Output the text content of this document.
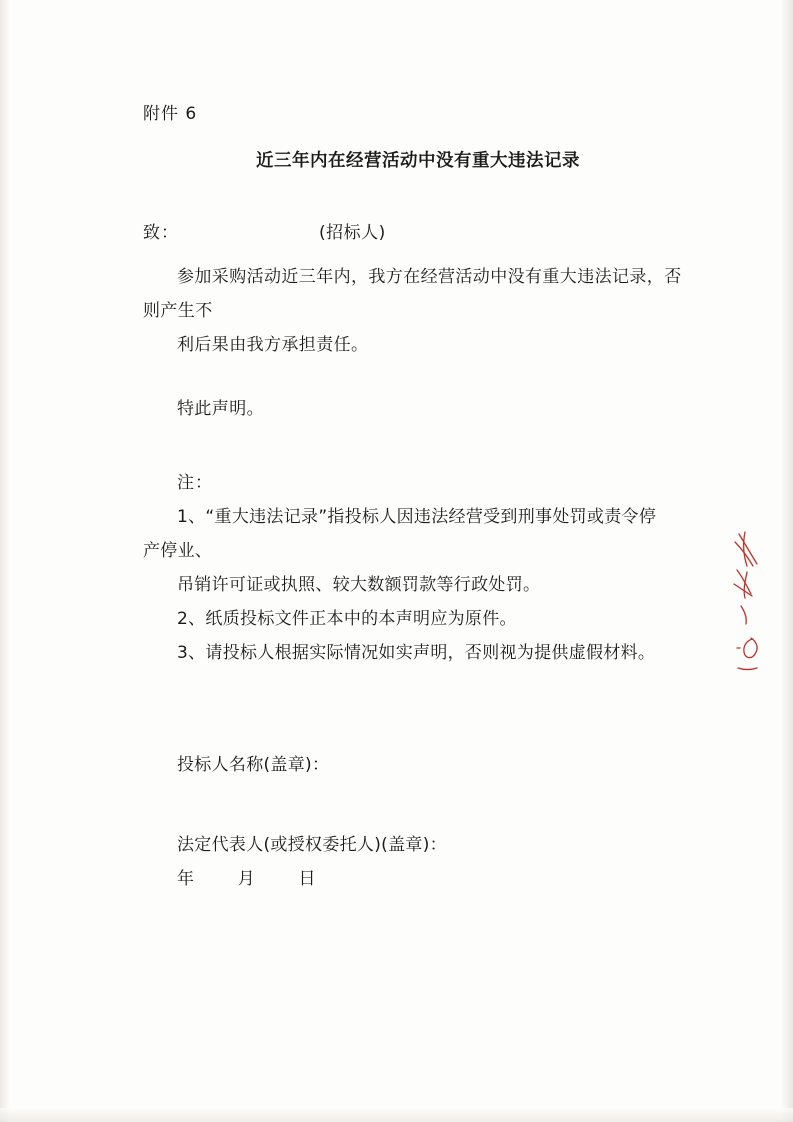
附件 6
近三年内在经营活动中没有重大违法记录
致：	(招标人)
参加采购活动近三年内，我方在经营活动中没有重大违法记录，否则产生不
利后果由我方承担责任。
特此声明。
注：
1、“重大违法记录”指投标人因违法经营受到刑事处罚或责令停
产停业、
吊销许可证或执照、较大数额罚款等行政处罚。
2、纸质投标文件正本中的本声明应为原件。
3、请投标人根据实际情况如实声明，否则视为提供虚假材料。
投标人名称(盖章)：
法定代表人(或授权委托人)(盖章)：
年	月	日
